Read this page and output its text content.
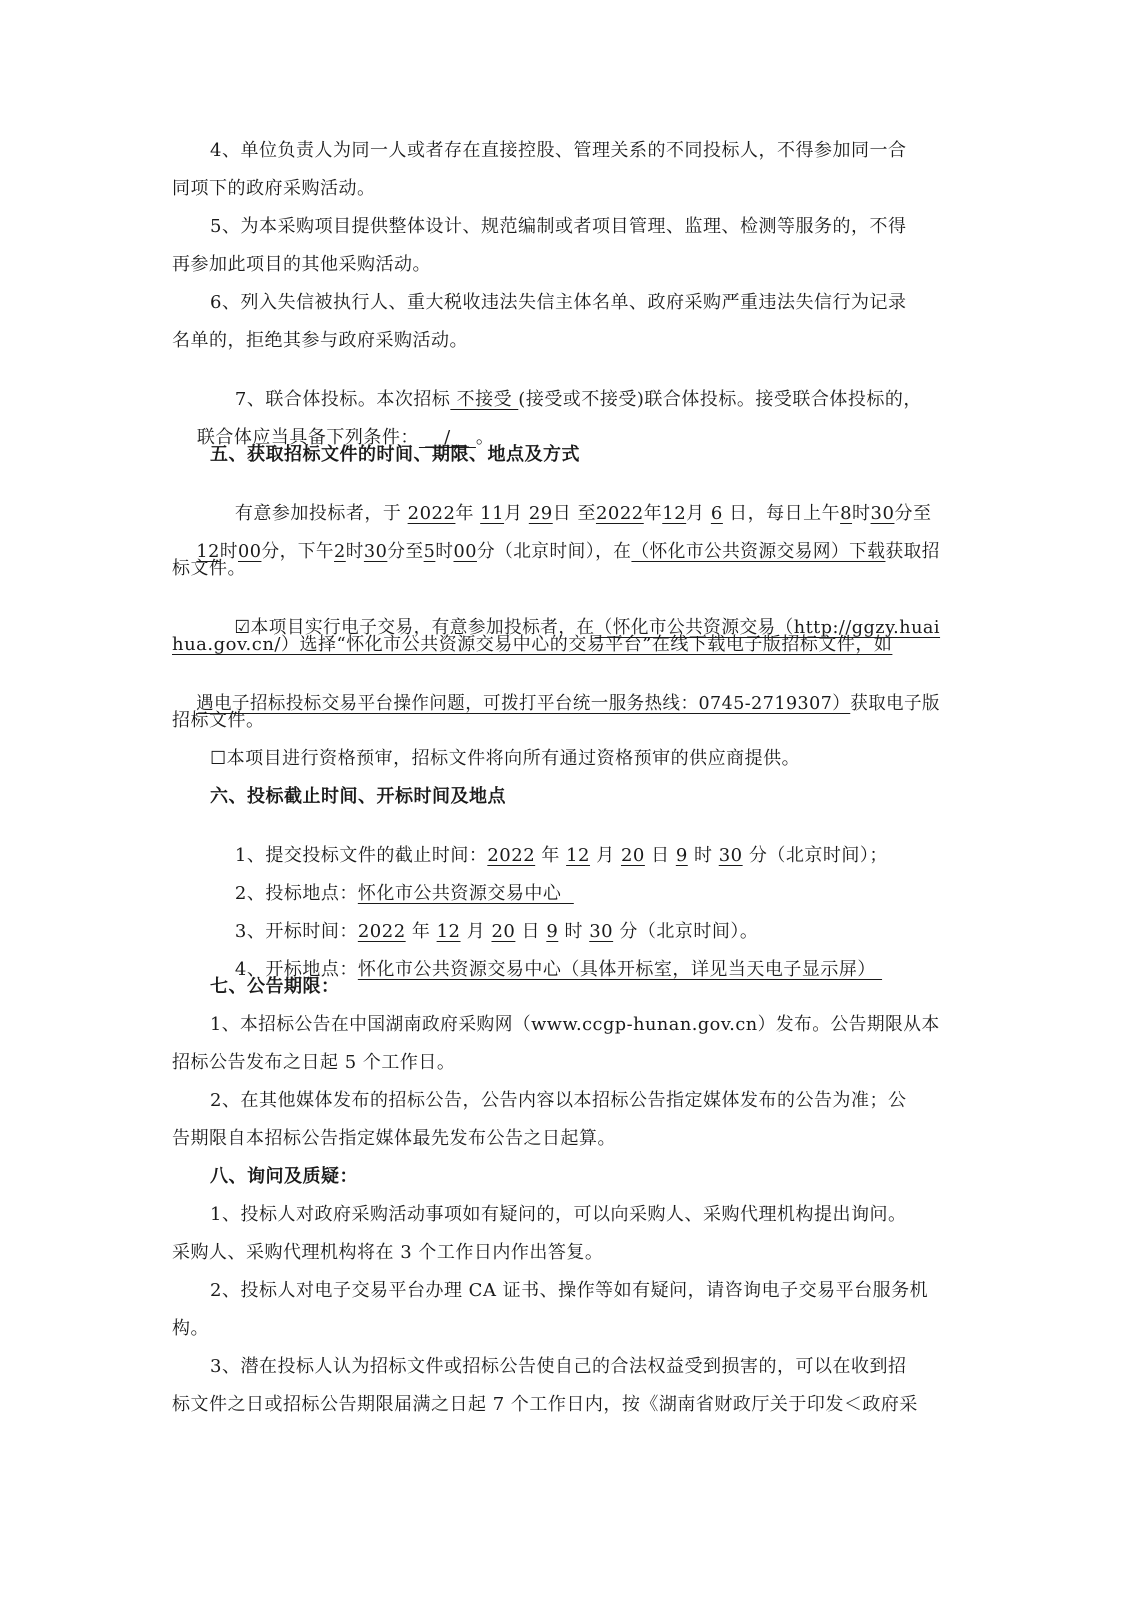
4、单位负责人为同一人或者存在直接控股、管理关系的不同投标人，不得参加同一合
同项下的政府采购活动。
5、为本采购项目提供整体设计、规范编制或者项目管理、监理、检测等服务的，不得
再参加此项目的其他采购活动。
6、列入失信被执行人、重大税收违法失信主体名单、政府采购严重违法失信行为记录
名单的，拒绝其参与政府采购活动。

7、联合体投标。本次招标 不接受 (接受或不接受)联合体投标。接受联合体投标的，

联合体应当具备下列条件： __/__ 。

五、获取招标文件的时间、期限、地点及方式

有意参加投标者，于 2022年 11月 29日 至2022年12月 6 日，每日上午8时30分至

12时00分，下午2时30分至5时00分（北京时间），在（怀化市公共资源交易网）下载获取招

标文件。

☑本项目实行电子交易，有意参加投标者，在（怀化市公共资源交易（http://ggzy.huai

hua.gov.cn/）选择“怀化市公共资源交易中心的交易平台”在线下载电子版招标文件，如

遇电子招标投标交易平台操作问题，可拨打平台统一服务热线：0745-2719307）获取电子版

招标文件。
☐本项目进行资格预审，招标文件将向所有通过资格预审的供应商提供。
六、投标截止时间、开标时间及地点

1、提交投标文件的截止时间：2022 年 12 月 20 日 9 时 30 分（北京时间）；

2、投标地点：怀化市公共资源交易中心

3、开标时间：2022 年 12 月 20 日 9 时 30 分（北京时间）。

4、开标地点：怀化市公共资源交易中心（具体开标室，详见当天电子显示屏）

七、公告期限：
1、本招标公告在中国湖南政府采购网（www.ccgp-hunan.gov.cn）发布。公告期限从本
招标公告发布之日起 5 个工作日。
2、在其他媒体发布的招标公告，公告内容以本招标公告指定媒体发布的公告为准；公
告期限自本招标公告指定媒体最先发布公告之日起算。
八、询问及质疑：
1、投标人对政府采购活动事项如有疑问的，可以向采购人、采购代理机构提出询问。
采购人、采购代理机构将在 3 个工作日内作出答复。
2、投标人对电子交易平台办理 CA 证书、操作等如有疑问，请咨询电子交易平台服务机
构。
3、潜在投标人认为招标文件或招标公告使自己的合法权益受到损害的，可以在收到招
标文件之日或招标公告期限届满之日起 7 个工作日内，按《湖南省财政厅关于印发＜政府采
